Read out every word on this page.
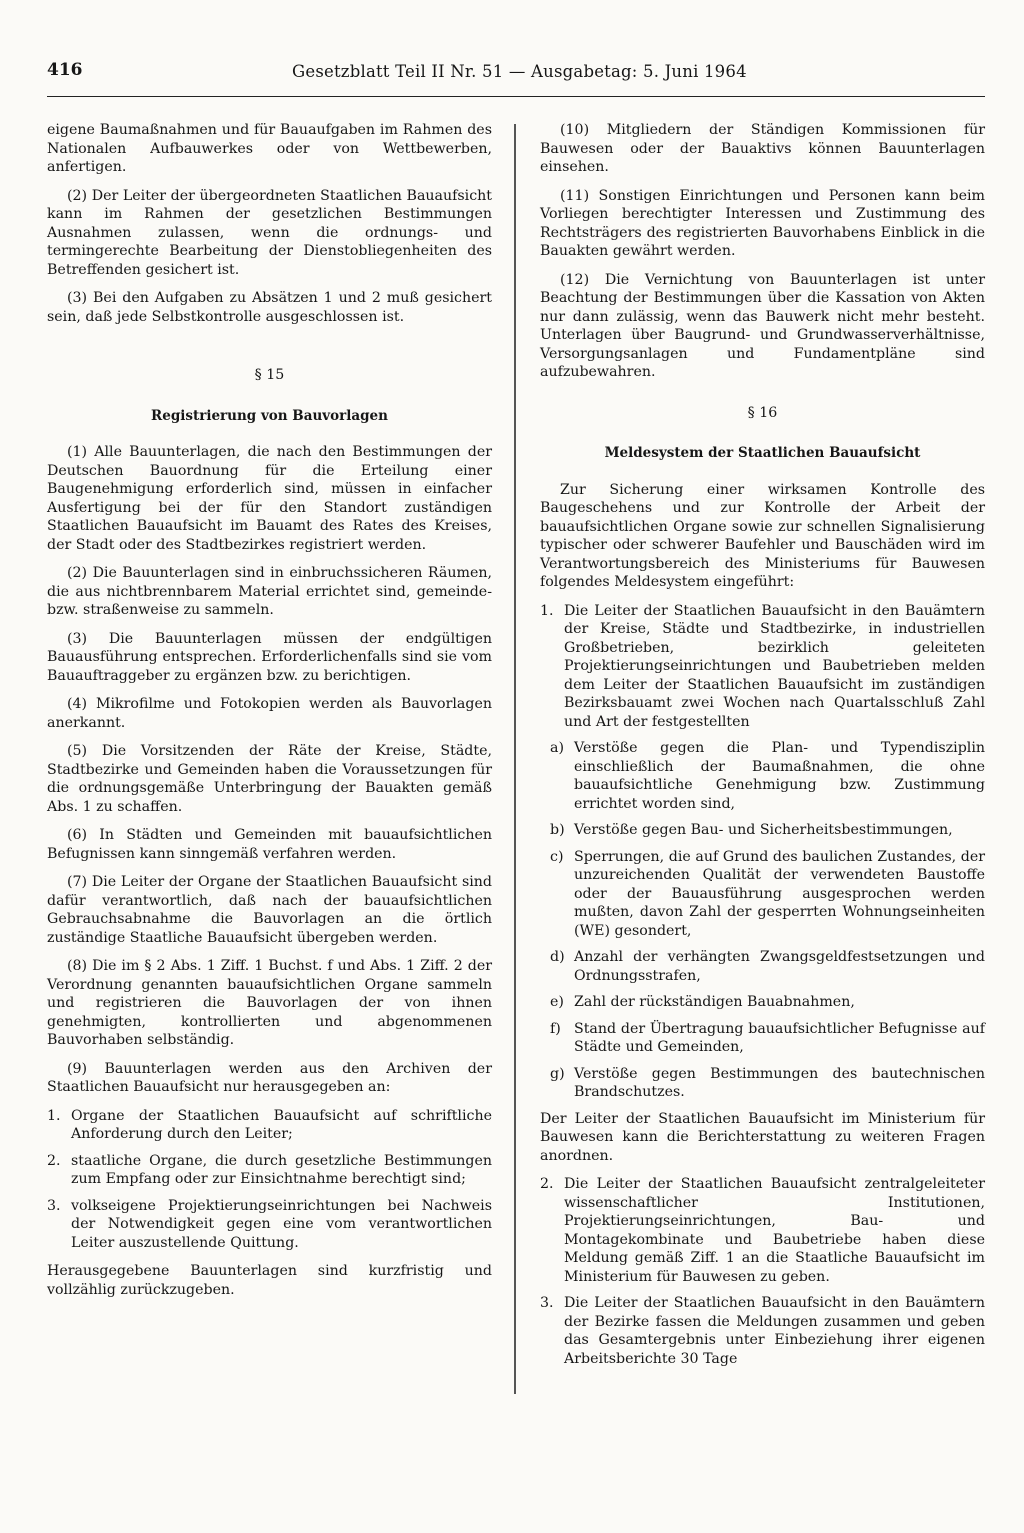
416	Gesetzblatt Teil II Nr. 51 — Ausgabetag: 5. Juni 1964

eigene Baumaßnahmen und für Bauaufgaben im Rahmen des Nationalen Aufbauwerkes oder von Wettbewerben, anfertigen.

(2) Der Leiter der übergeordneten Staatlichen Bauaufsicht kann im Rahmen der gesetzlichen Bestimmungen Ausnahmen zulassen, wenn die ordnungs- und termingerechte Bearbeitung der Dienstobliegenheiten des Betreffenden gesichert ist.

(3) Bei den Aufgaben zu Absätzen 1 und 2 muß gesichert sein, daß jede Selbstkontrolle ausgeschlossen ist.

§ 15

Registrierung von Bauvorlagen

(1) Alle Bauunterlagen, die nach den Bestimmungen der Deutschen Bauordnung für die Erteilung einer Baugenehmigung erforderlich sind, müssen in einfacher Ausfertigung bei der für den Standort zuständigen Staatlichen Bauaufsicht im Bauamt des Rates des Kreises, der Stadt oder des Stadtbezirkes registriert werden.

(2) Die Bauunterlagen sind in einbruchssicheren Räumen, die aus nichtbrennbarem Material errichtet sind, gemeinde- bzw. straßenweise zu sammeln.

(3) Die Bauunterlagen müssen der endgültigen Bauausführung entsprechen. Erforderlichenfalls sind sie vom Bauauftraggeber zu ergänzen bzw. zu berichtigen.

(4) Mikrofilme und Fotokopien werden als Bauvorlagen anerkannt.

(5) Die Vorsitzenden der Räte der Kreise, Städte, Stadtbezirke und Gemeinden haben die Voraussetzungen für die ordnungsgemäße Unterbringung der Bauakten gemäß Abs. 1 zu schaffen.

(6) In Städten und Gemeinden mit bauaufsichtlichen Befugnissen kann sinngemäß verfahren werden.

(7) Die Leiter der Organe der Staatlichen Bauaufsicht sind dafür verantwortlich, daß nach der bauaufsichtlichen Gebrauchsabnahme die Bauvorlagen an die örtlich zuständige Staatliche Bauaufsicht übergeben werden.

(8) Die im § 2 Abs. 1 Ziff. 1 Buchst. f und Abs. 1 Ziff. 2 der Verordnung genannten bauaufsichtlichen Organe sammeln und registrieren die Bauvorlagen der von ihnen genehmigten, kontrollierten und abgenommenen Bauvorhaben selbständig.

(9) Bauunterlagen werden aus den Archiven der Staatlichen Bauaufsicht nur herausgegeben an:

1. Organe der Staatlichen Bauaufsicht auf schriftliche Anforderung durch den Leiter;
2. staatliche Organe, die durch gesetzliche Bestimmungen zum Empfang oder zur Einsichtnahme berechtigt sind;
3. volkseigene Projektierungseinrichtungen bei Nachweis der Notwendigkeit gegen eine vom verantwortlichen Leiter auszustellende Quittung.

Herausgegebene Bauunterlagen sind kurzfristig und vollzählig zurückzugeben.

(10) Mitgliedern der Ständigen Kommissionen für Bauwesen oder der Bauaktivs können Bauunterlagen einsehen.

(11) Sonstigen Einrichtungen und Personen kann beim Vorliegen berechtigter Interessen und Zustimmung des Rechtsträgers des registrierten Bauvorhabens Einblick in die Bauakten gewährt werden.

(12) Die Vernichtung von Bauunterlagen ist unter Beachtung der Bestimmungen über die Kassation von Akten nur dann zulässig, wenn das Bauwerk nicht mehr besteht. Unterlagen über Baugrund- und Grundwasserverhältnisse, Versorgungsanlagen und Fundamentpläne sind aufzubewahren.

§ 16

Meldesystem der Staatlichen Bauaufsicht

Zur Sicherung einer wirksamen Kontrolle des Baugeschehens und zur Kontrolle der Arbeit der bauaufsichtlichen Organe sowie zur schnellen Signalisierung typischer oder schwerer Baufehler und Bauschäden wird im Verantwortungsbereich des Ministeriums für Bauwesen folgendes Meldesystem eingeführt:

1. Die Leiter der Staatlichen Bauaufsicht in den Bauämtern der Kreise, Städte und Stadtbezirke, in industriellen Großbetrieben, bezirklich geleiteten Projektierungseinrichtungen und Baubetrieben melden dem Leiter der Staatlichen Bauaufsicht im zuständigen Bezirksbauamt zwei Wochen nach Quartalsschluß Zahl und Art der festgestellten
a) Verstöße gegen die Plan- und Typendisziplin einschließlich der Baumaßnahmen, die ohne bauaufsichtliche Genehmigung bzw. Zustimmung errichtet worden sind,
b) Verstöße gegen Bau- und Sicherheitsbestimmungen,
c) Sperrungen, die auf Grund des baulichen Zustandes, der unzureichenden Qualität der verwendeten Baustoffe oder der Bauausführung ausgesprochen werden mußten, davon Zahl der gesperrten Wohnungseinheiten (WE) gesondert,
d) Anzahl der verhängten Zwangsgeldfestsetzungen und Ordnungsstrafen,
e) Zahl der rückständigen Bauabnahmen,
f) Stand der Übertragung bauaufsichtlicher Befugnisse auf Städte und Gemeinden,
g) Verstöße gegen Bestimmungen des bautechnischen Brandschutzes.

Der Leiter der Staatlichen Bauaufsicht im Ministerium für Bauwesen kann die Berichterstattung zu weiteren Fragen anordnen.

2. Die Leiter der Staatlichen Bauaufsicht zentralgeleiteter wissenschaftlicher Institutionen, Projektierungseinrichtungen, Bau- und Montagekombinate und Baubetriebe haben diese Meldung gemäß Ziff. 1 an die Staatliche Bauaufsicht im Ministerium für Bauwesen zu geben.
3. Die Leiter der Staatlichen Bauaufsicht in den Bauämtern der Bezirke fassen die Meldungen zusammen und geben das Gesamtergebnis unter Einbeziehung ihrer eigenen Arbeitsberichte 30 Tage
